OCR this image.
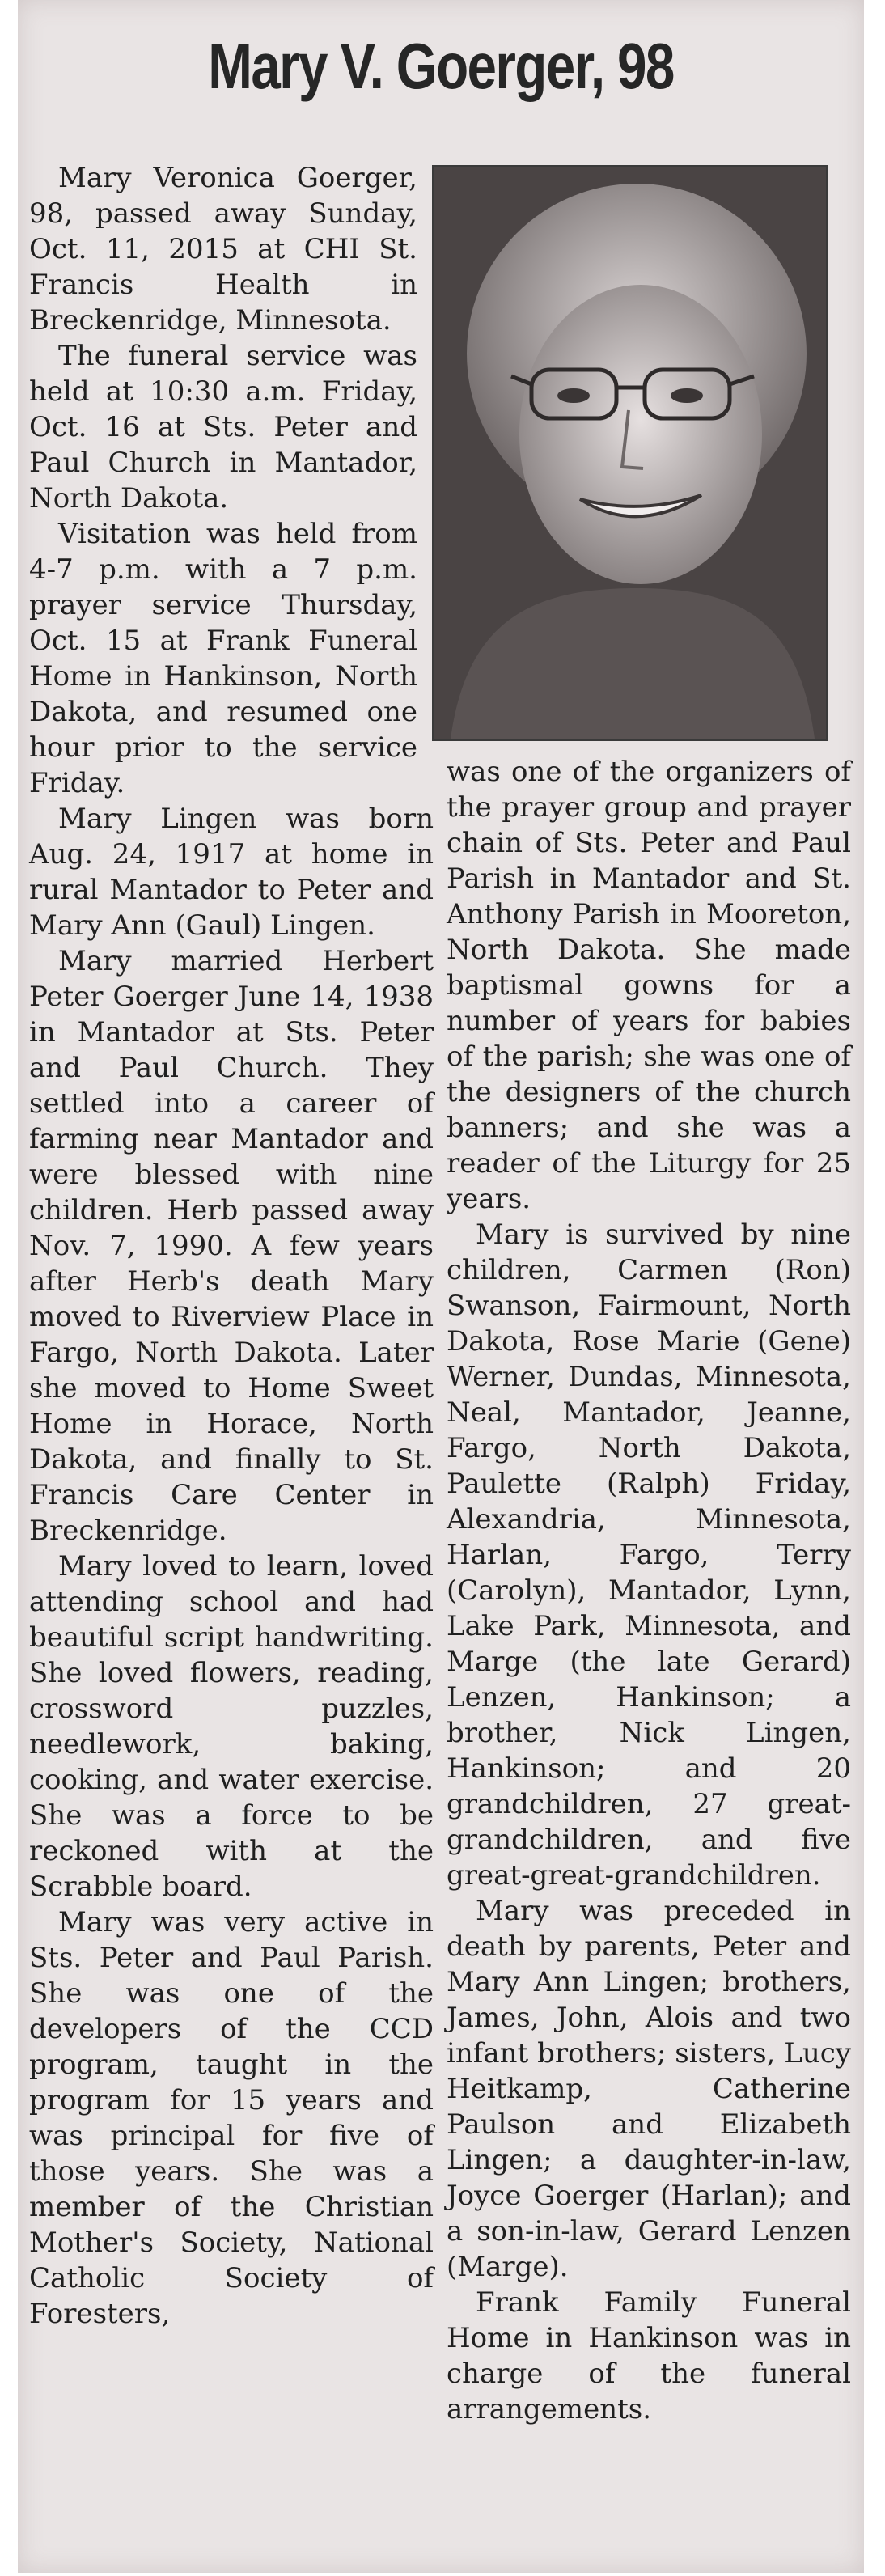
Mary V. Goerger, 98

Mary Veronica Goerger, 98, passed away Sunday, Oct. 11, 2015 at CHI St. Francis Health in Breckenridge, Minnesota.

The funeral service was held at 10:30 a.m. Friday, Oct. 16 at Sts. Peter and Paul Church in Mantador, North Dakota.

Visitation was held from 4-7 p.m. with a 7 p.m. prayer service Thursday, Oct. 15 at Frank Funeral Home in Hankinson, North Dakota, and resumed one hour prior to the service Friday.

Mary Lingen was born Aug. 24, 1917 at home in rural Mantador to Peter and Mary Ann (Gaul) Lingen.

Mary married Herbert Peter Goerger June 14, 1938 in Mantador at Sts. Peter and Paul Church. They settled into a career of farming near Mantador and were blessed with nine children. Herb passed away Nov. 7, 1990. A few years after Herb's death Mary moved to Riverview Place in Fargo, North Dakota. Later she moved to Home Sweet Home in Horace, North Dakota, and finally to St. Francis Care Center in Breckenridge.

Mary loved to learn, loved attending school and had beautiful script handwriting. She loved flowers, reading, crossword puzzles, needlework, baking, cooking, and water exercise. She was a force to be reckoned with at the Scrabble board.

Mary was very active in Sts. Peter and Paul Parish. She was one of the developers of the CCD program, taught in the program for 15 years and was principal for five of those years. She was a member of the Christian Mother's Society, National Catholic Society of Foresters,

was one of the organizers of the prayer group and prayer chain of Sts. Peter and Paul Parish in Mantador and St. Anthony Parish in Mooreton, North Dakota. She made baptismal gowns for a number of years for babies of the parish; she was one of the designers of the church banners; and she was a reader of the Liturgy for 25 years.

Mary is survived by nine children, Carmen (Ron) Swanson, Fairmount, North Dakota, Rose Marie (Gene) Werner, Dundas, Minnesota, Neal, Mantador, Jeanne, Fargo, North Dakota, Paulette (Ralph) Friday, Alexandria, Minnesota, Harlan, Fargo, Terry (Carolyn), Mantador, Lynn, Lake Park, Minnesota, and Marge (the late Gerard) Lenzen, Hankinson; a brother, Nick Lingen, Hankinson; and 20 grandchildren, 27 great-grandchildren, and five great-great-grandchildren.

Mary was preceded in death by parents, Peter and Mary Ann Lingen; brothers, James, John, Alois and two infant brothers; sisters, Lucy Heitkamp, Catherine Paulson and Elizabeth Lingen; a daughter-in-law, Joyce Goerger (Harlan); and a son-in-law, Gerard Lenzen (Marge).

Frank Family Funeral Home in Hankinson was in charge of the funeral arrangements.
